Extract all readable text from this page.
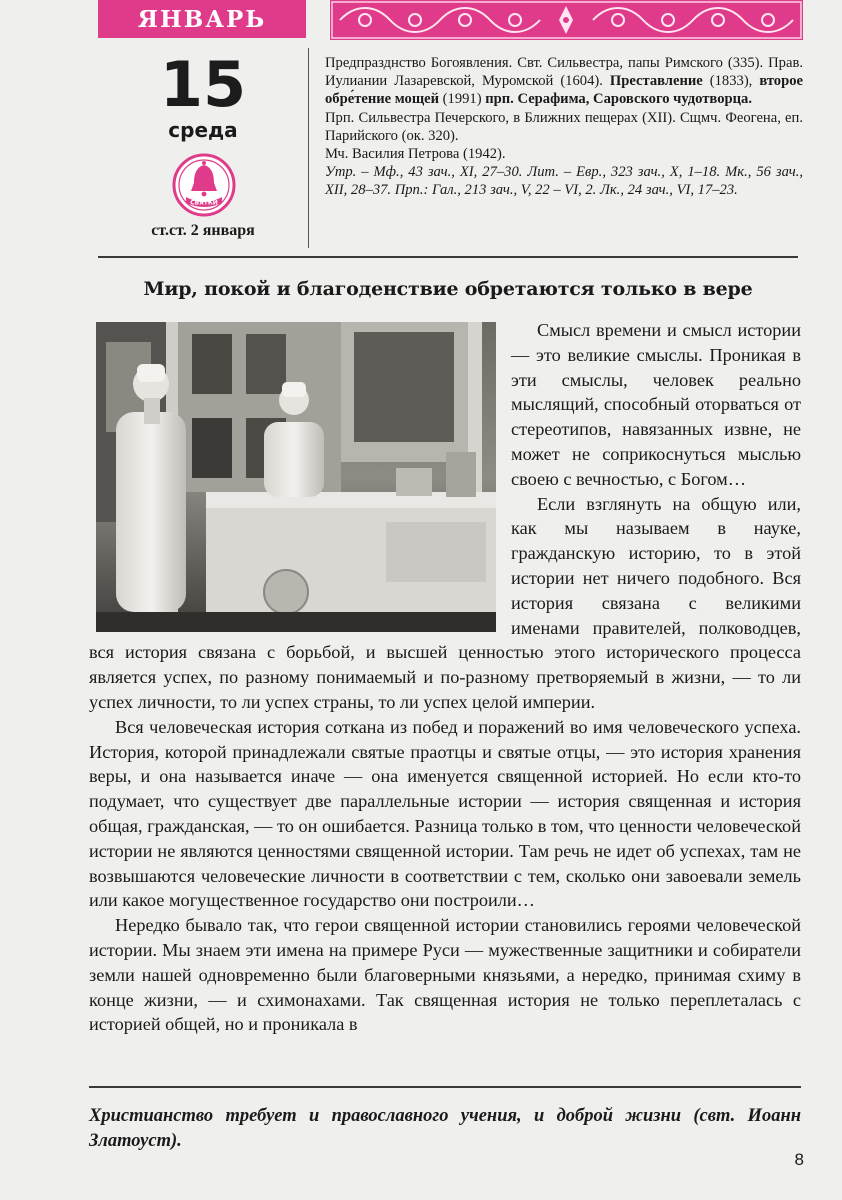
ЯНВАРЬ
15
среда
СВЯТКИ
ст.ст. 2 января

Предпразднство Богоявления. Свт. Сильвестра, папы Римского (335). Прав. Иулиании Лазаревской, Муромской (1604). Преставление (1833), второе обре́тение мощей (1991) прп. Серафима, Саровского чудотворца.

Прп. Сильвестра Печерского, в Ближних пещерах (XII). Сщмч. Феогена, еп. Парийского (ок. 320).

Мч. Василия Петрова (1942).

Утр. – Мф., 43 зач., XI, 27–30. Лит. – Евр., 323 зач., X, 1–18. Мк., 56 зач., XII, 28–37. Прп.: Гал., 213 зач., V, 22 – VI, 2. Лк., 24 зач., VI, 17–23.

Мир, покой и благоденствие обретаются только в вере

Смысл времени и смысл истории — это великие смыслы. Проникая в эти смыслы, человек реально мыслящий, способный оторваться от стереотипов, навязанных извне, не может не соприкоснуться мыслью своею с вечностью, с Богом…

Если взглянуть на общую или, как мы называем в науке, гражданскую историю, то в этой истории нет ничего подобного. Вся история связана с великими именами правителей, полководцев, вся история связана с борьбой, и высшей ценностью этого исторического процесса является успех, по разному понимаемый и по-разному претворяемый в жизни, — то ли успех личности, то ли успех страны, то ли успех целой империи.

Вся человеческая история соткана из побед и поражений во имя человеческого успеха. История, которой принадлежали святые праотцы и святые отцы, — это история хранения веры, и она называется иначе — она именуется священной историей. Но если кто-то подумает, что существует две параллельные истории — история священная и история общая, гражданская, — то он ошибается. Разница только в том, что ценности человеческой истории не являются ценностями священной истории. Там речь не идет об успехах, там не возвышаются человеческие личности в соответствии с тем, сколько они завоевали земель или какое могущественное государство они построили…

Нередко бывало так, что герои священной истории становились героями человеческой истории. Мы знаем эти имена на примере Руси — мужественные защитники и собиратели земли нашей одновременно были благоверными князьями, а нередко, принимая схиму в конце жизни, — и схимонахами. Так священная история не только переплеталась с историей общей, но и проникала в

Христианство требует и православного учения, и доброй жизни (свт. Иоанн Златоуст).

8
